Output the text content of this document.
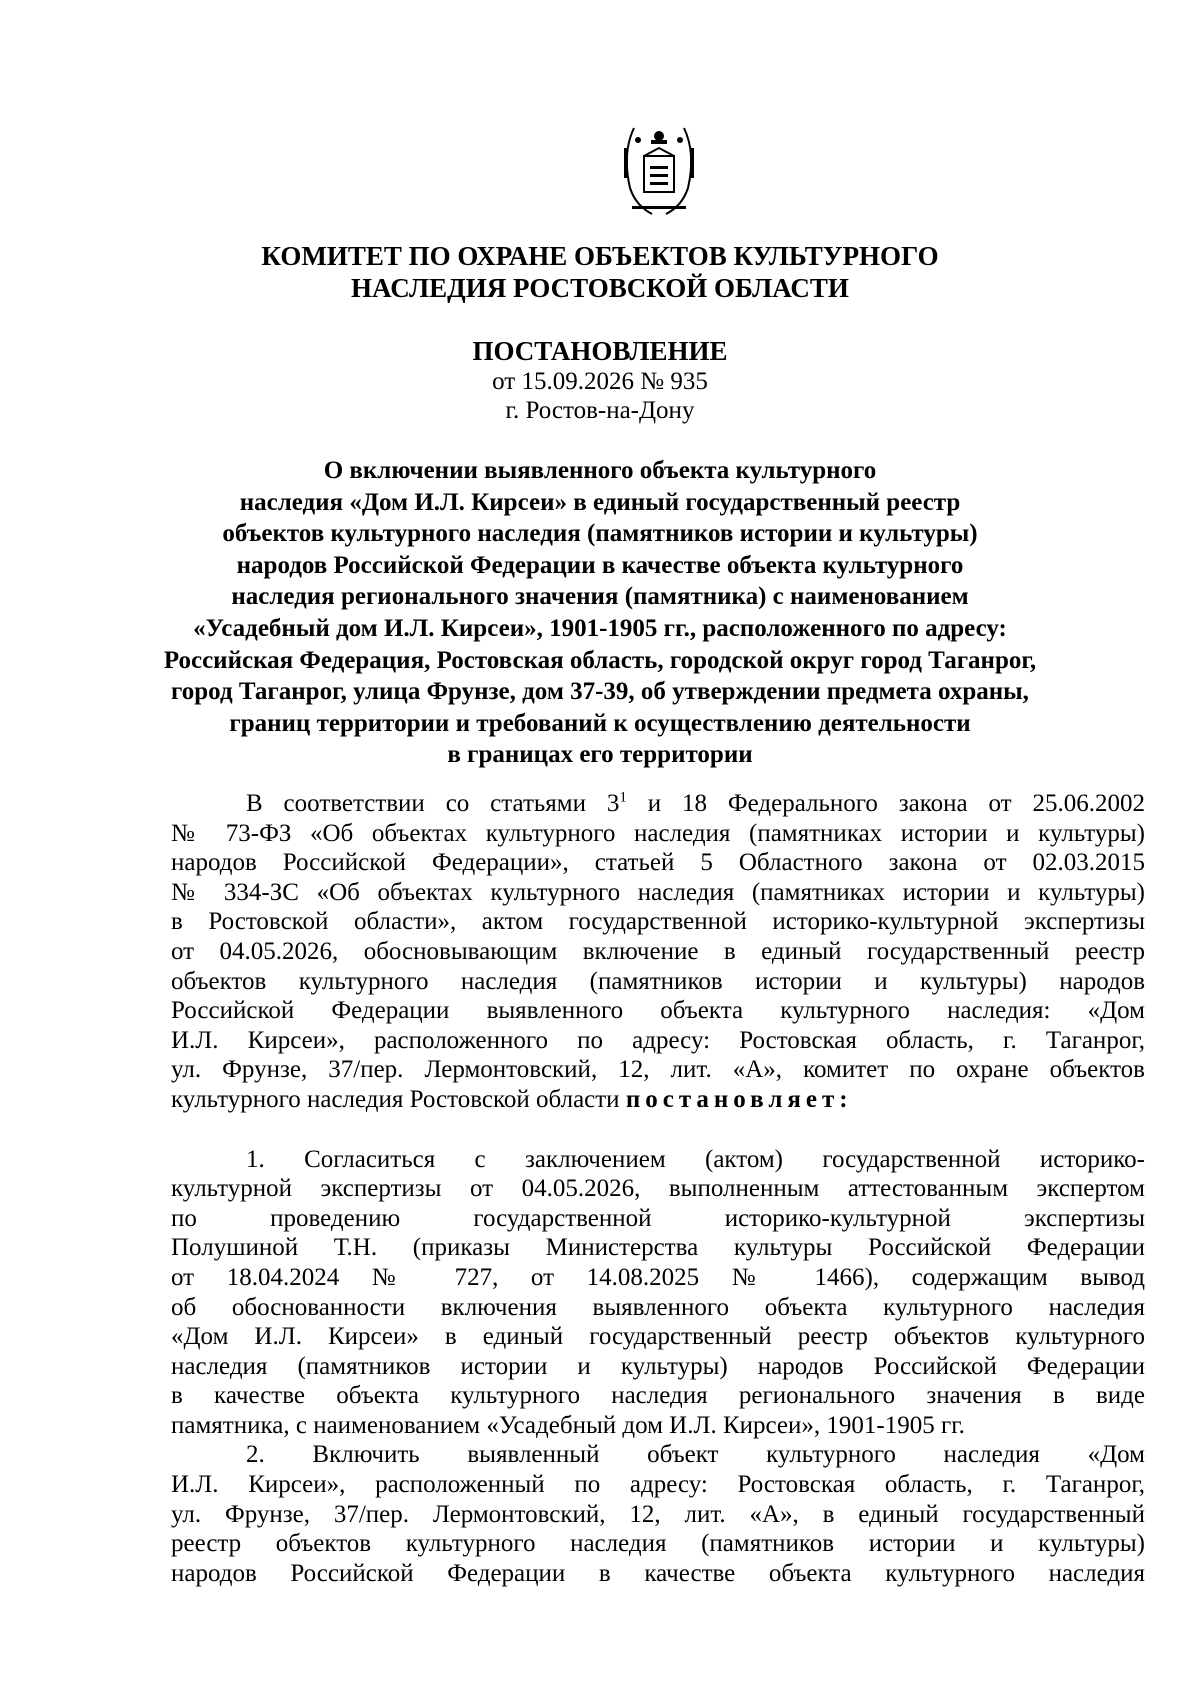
КОМИТЕТ ПО ОХРАНЕ ОБЪЕКТОВ КУЛЬТУРНОГО
НАСЛЕДИЯ РОСТОВСКОЙ ОБЛАСТИ
ПОСТАНОВЛЕНИЕ
от 15.09.2026 № 935
г. Ростов-на-Дону
О включении выявленного объекта культурного
наследия «Дом И.Л. Кирсеи» в единый государственный реестр
объектов культурного наследия (памятников истории и культуры)
народов Российской Федерации в качестве объекта культурного
наследия регионального значения (памятника) с наименованием
«Усадебный дом И.Л. Кирсеи», 1901-1905 гг., расположенного по адресу:
Российская Федерация, Ростовская область, городской округ город Таганрог,
город Таганрог, улица Фрунзе, дом 37-39, об утверждении предмета охраны,
границ территории и требований к осуществлению деятельности
в границах его территории
В соответствии со статьями $3^1$ и 18 Федерального закона от 25.06.2002
№ 73-ФЗ «Об объектах культурного наследия (памятниках истории и культуры)
народов Российской Федерации», статьей 5 Областного закона от 02.03.2015
№ 334-ЗС «Об объектах культурного наследия (памятниках истории и культуры)
в Ростовской области», актом государственной историко-культурной экспертизы
от 04.05.2026, обосновывающим включение в единый государственный реестр
объектов культурного наследия (памятников истории и культуры) народов
Российской Федерации выявленного объекта культурного наследия: «Дом
И.Л. Кирсеи», расположенного по адресу: Ростовская область, г. Таганрог,
ул. Фрунзе, 37/пер. Лермонтовский, 12, лит. «А», комитет по охране объектов
культурного наследия Ростовской области постановляет:
1. Согласиться с заключением (актом) государственной историко-
культурной экспертизы от 04.05.2026, выполненным аттестованным экспертом
по проведению государственной историко-культурной экспертизы
Полушиной Т.Н. (приказы Министерства культуры Российской Федерации
от 18.04.2024 № 727, от 14.08.2025 № 1466), содержащим вывод
об обоснованности включения выявленного объекта культурного наследия
«Дом И.Л. Кирсеи» в единый государственный реестр объектов культурного
наследия (памятников истории и культуры) народов Российской Федерации
в качестве объекта культурного наследия регионального значения в виде
памятника, с наименованием «Усадебный дом И.Л. Кирсеи», 1901-1905 гг.
2. Включить выявленный объект культурного наследия «Дом
И.Л. Кирсеи», расположенный по адресу: Ростовская область, г. Таганрог,
ул. Фрунзе, 37/пер. Лермонтовский, 12, лит. «А», в единый государственный
реестр объектов культурного наследия (памятников истории и культуры)
народов Российской Федерации в качестве объекта культурного наследия
